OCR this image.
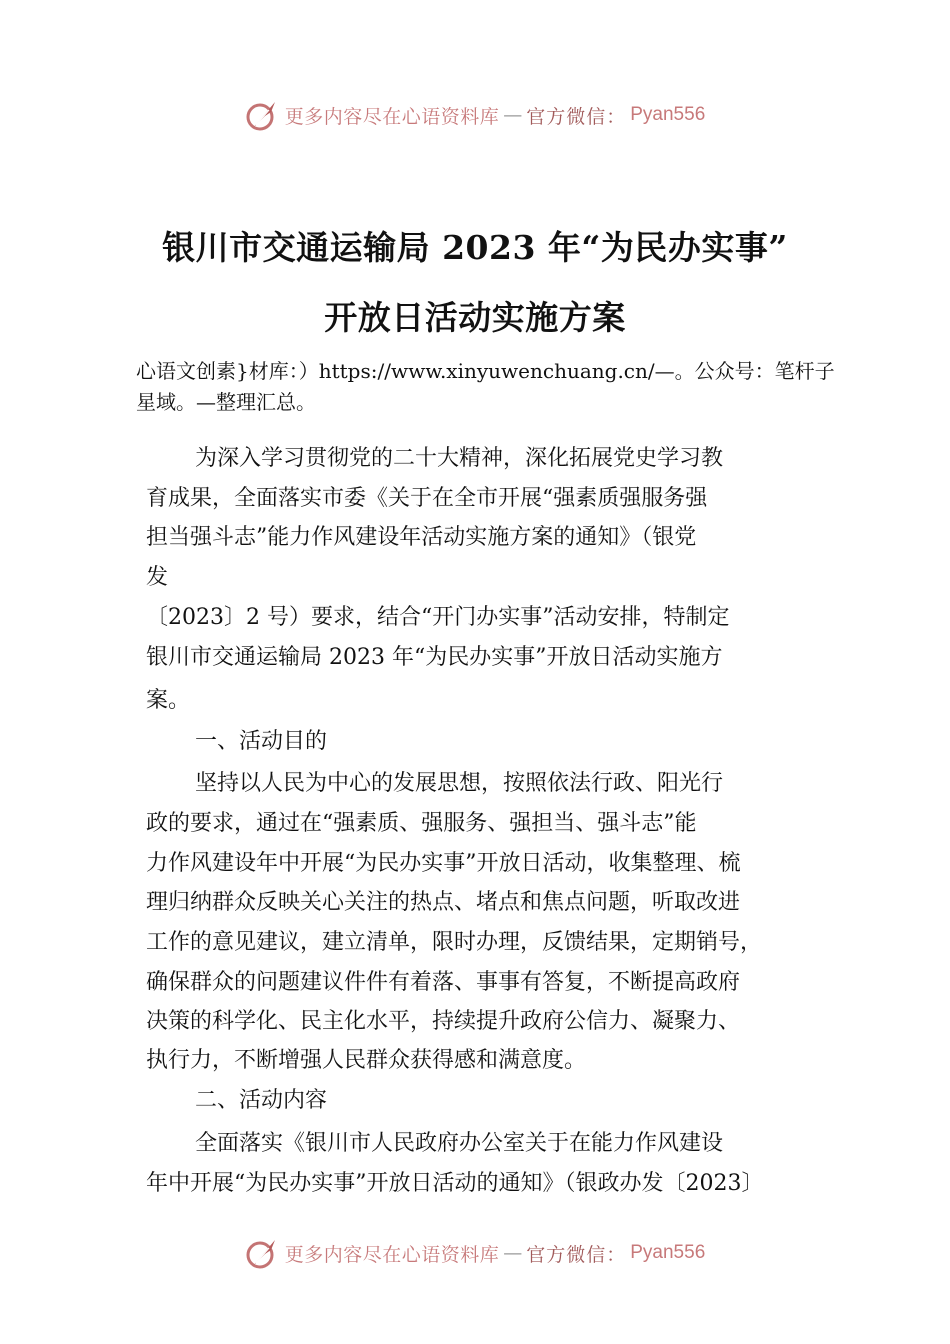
更多内容尽在心语资料库 — 官方微信： Pyan556
银川市交通运输局 2023 年“为民办实事”
开放日活动实施方案
心语文创素}材库：）https://www.xinyuwenchuang.cn/—。公众号：笔杆子星域。—整理汇总。
为深入学习贯彻党的二十大精神，深化拓展党史学习教
育成果，全面落实市委《关于在全市开展“强素质强服务强
担当强斗志”能力作风建设年活动实施方案的通知》（银党
发
〔2023〕2 号）要求，结合“开门办实事”活动安排，特制定
银川市交通运输局 2023 年“为民办实事”开放日活动实施方
案。
一、活动目的
坚持以人民为中心的发展思想，按照依法行政、阳光行
政的要求，通过在“强素质、强服务、强担当、强斗志”能
力作风建设年中开展“为民办实事”开放日活动，收集整理、梳
理归纳群众反映关心关注的热点、堵点和焦点问题，听取改进
工作的意见建议，建立清单，限时办理，反馈结果，定期销号，
确保群众的问题建议件件有着落、事事有答复，不断提高政府
决策的科学化、民主化水平，持续提升政府公信力、凝聚力、
执行力，不断增强人民群众获得感和满意度。
二、活动内容
全面落实《银川市人民政府办公室关于在能力作风建设
年中开展“为民办实事”开放日活动的通知》（银政办发〔2023〕
更多内容尽在心语资料库 — 官方微信： Pyan556
